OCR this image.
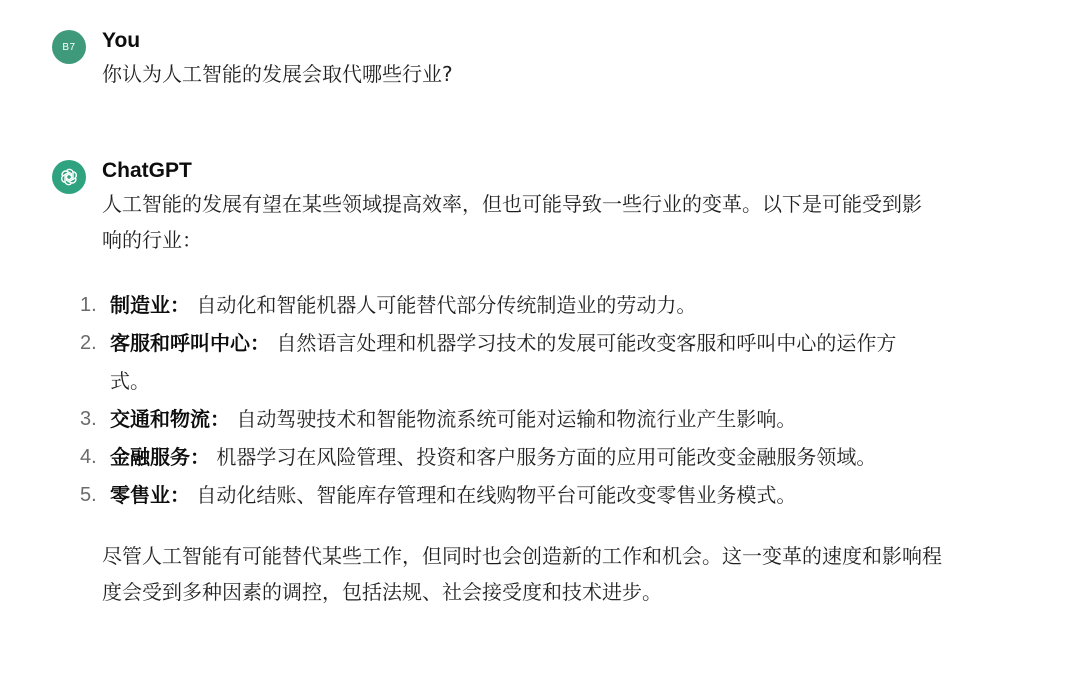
B7 You

你认为人工智能的发展会取代哪些行业?

ChatGPT

人工智能的发展有望在某些领域提高效率，但也可能导致一些行业的变革。以下是可能受到影响的行业：

1. 制造业： 自动化和智能机器人可能替代部分传统制造业的劳动力。
2. 客服和呼叫中心： 自然语言处理和机器学习技术的发展可能改变客服和呼叫中心的运作方式。
3. 交通和物流： 自动驾驶技术和智能物流系统可能对运输和物流行业产生影响。
4. 金融服务： 机器学习在风险管理、投资和客户服务方面的应用可能改变金融服务领域。
5. 零售业： 自动化结账、智能库存管理和在线购物平台可能改变零售业务模式。

尽管人工智能有可能替代某些工作，但同时也会创造新的工作和机会。这一变革的速度和影响程度会受到多种因素的调控，包括法规、社会接受度和技术进步。
